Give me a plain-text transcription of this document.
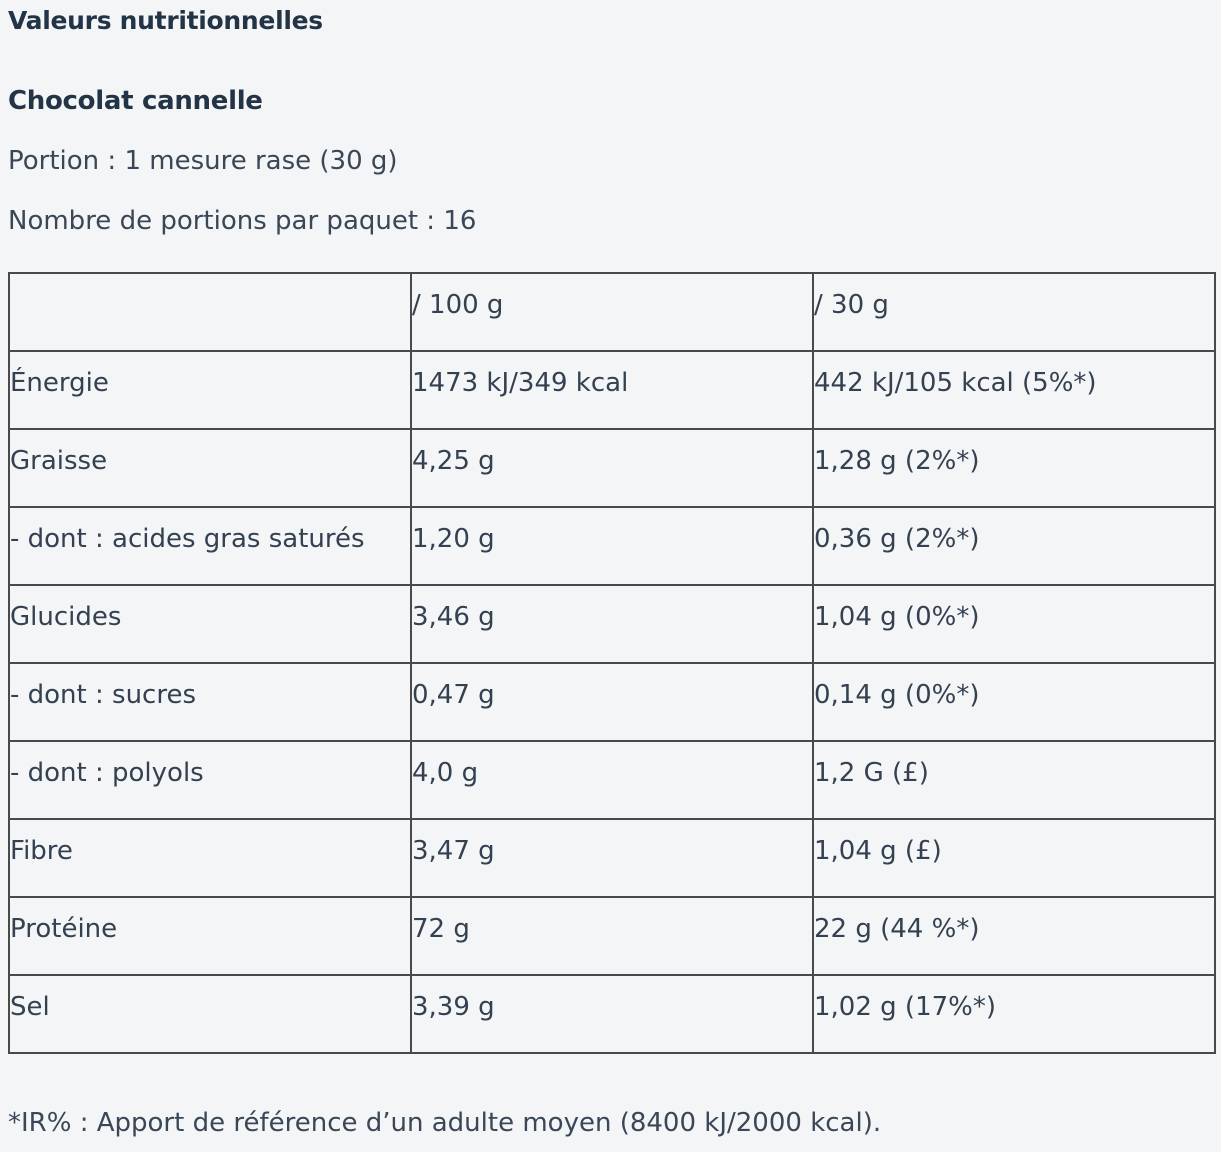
Valeurs nutritionnelles
Chocolat cannelle

Portion : 1 mesure rase (30 g)

Nombre de portions par paquet : 16

	/ 100 g	/ 30 g
Énergie	1473 kJ/349 kcal	442 kJ/105 kcal (5%*)
Graisse	4,25 g	1,28 g (2%*)
- dont : acides gras saturés	1,20 g	0,36 g (2%*)
Glucides	3,46 g	1,04 g (0%*)
- dont : sucres	0,47 g	0,14 g (0%*)
- dont : polyols	4,0 g	1,2 G (£)
Fibre	3,47 g	1,04 g (£)
Protéine	72 g	22 g (44 %*)
Sel	3,39 g	1,02 g (17%*)

*IR% : Apport de référence d’un adulte moyen (8400 kJ/2000 kcal).
